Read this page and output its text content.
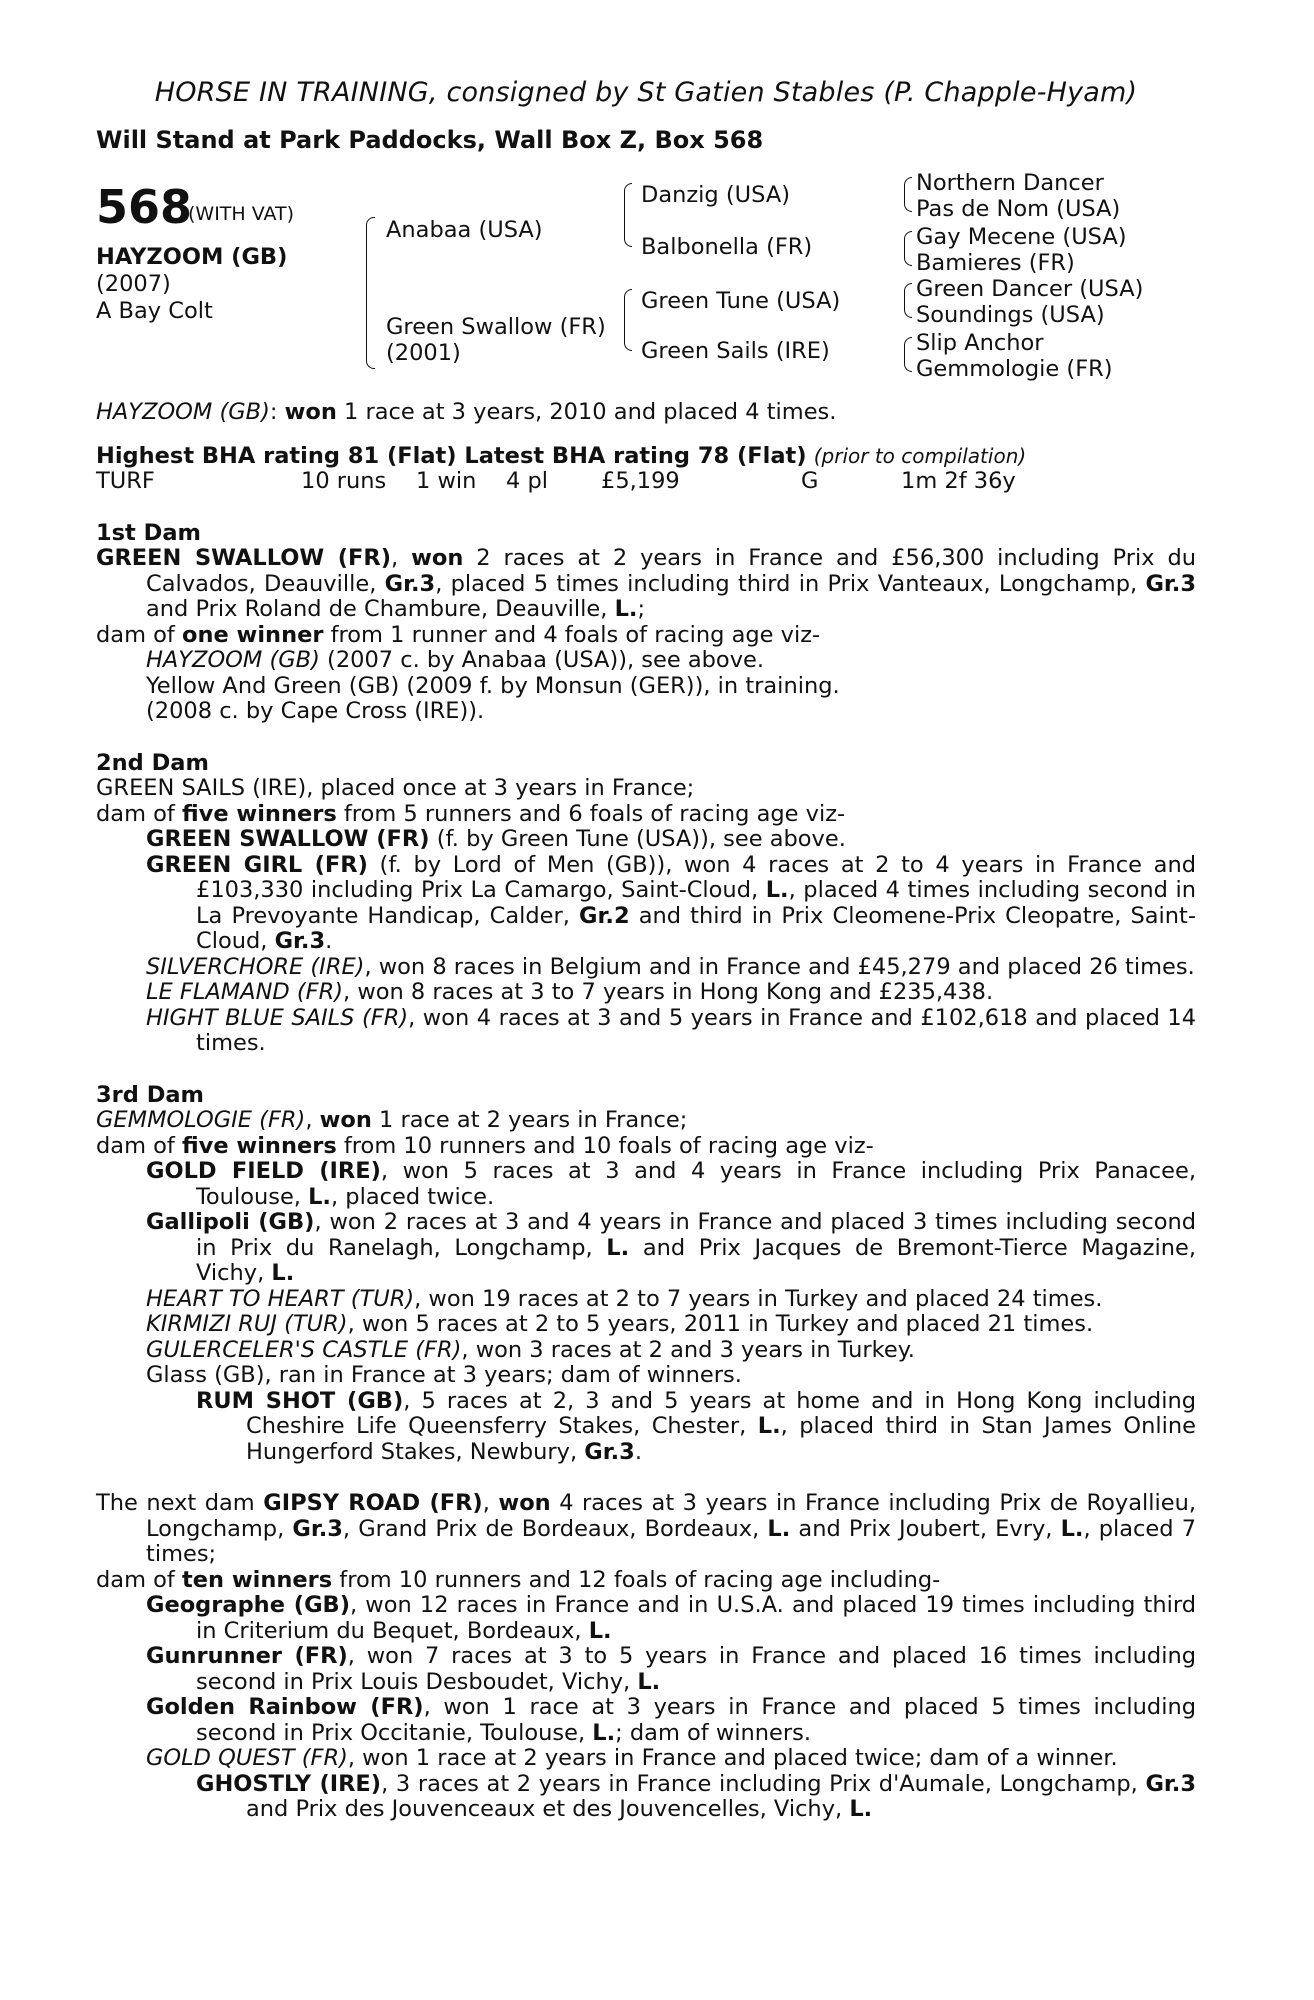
HORSE IN TRAINING, consigned by St Gatien Stables (P. Chapple-Hyam)
Will Stand at Park Paddocks, Wall Box Z, Box 568
568
(WITH VAT)
HAYZOOM (GB)
(2007)
A Bay Colt
Anabaa (USA)
Green Swallow (FR)
(2001)
Danzig (USA)
Balbonella (FR)
Green Tune (USA)
Green Sails (IRE)
Northern Dancer
Pas de Nom (USA)
Gay Mecene (USA)
Bamieres (FR)
Green Dancer (USA)
Soundings (USA)
Slip Anchor
Gemmologie (FR)

HAYZOOM (GB): won 1 race at 3 years, 2010 and placed 4 times.

Highest BHA rating 81 (Flat) Latest BHA rating 78 (Flat) (prior to compilation)

TURF	10 runs	1 win	4 pl	£5,199	G	1m 2f 36y
1st Dam

GREEN SWALLOW (FR), won 2 races at 2 years in France and £56,300 including Prix du Calvados, Deauville, Gr.3, placed 5 times including third in Prix Vanteaux, Longchamp, Gr.3 and Prix Roland de Chambure, Deauville, L.;

dam of one winner from 1 runner and 4 foals of racing age viz-

HAYZOOM (GB) (2007 c. by Anabaa (USA)), see above.

Yellow And Green (GB) (2009 f. by Monsun (GER)), in training.

(2008 c. by Cape Cross (IRE)).

2nd Dam

GREEN SAILS (IRE), placed once at 3 years in France;

dam of five winners from 5 runners and 6 foals of racing age viz-

GREEN SWALLOW (FR) (f. by Green Tune (USA)), see above.

GREEN GIRL (FR) (f. by Lord of Men (GB)), won 4 races at 2 to 4 years in France and £103,330 including Prix La Camargo, Saint-Cloud, L., placed 4 times including second in La Prevoyante Handicap, Calder, Gr.2 and third in Prix Cleomene-Prix Cleopatre, Saint-Cloud, Gr.3.

SILVERCHORE (IRE), won 8 races in Belgium and in France and £45,279 and placed 26 times.

LE FLAMAND (FR), won 8 races at 3 to 7 years in Hong Kong and £235,438.

HIGHT BLUE SAILS (FR), won 4 races at 3 and 5 years in France and £102,618 and placed 14 times.

3rd Dam

GEMMOLOGIE (FR), won 1 race at 2 years in France;

dam of five winners from 10 runners and 10 foals of racing age viz-

GOLD FIELD (IRE), won 5 races at 3 and 4 years in France including Prix Panacee, Toulouse, L., placed twice.

Gallipoli (GB), won 2 races at 3 and 4 years in France and placed 3 times including second in Prix du Ranelagh, Longchamp, L. and Prix Jacques de Bremont-Tierce Magazine, Vichy, L.

HEART TO HEART (TUR), won 19 races at 2 to 7 years in Turkey and placed 24 times.

KIRMIZI RUJ (TUR), won 5 races at 2 to 5 years, 2011 in Turkey and placed 21 times.

GULERCELER'S CASTLE (FR), won 3 races at 2 and 3 years in Turkey.

Glass (GB), ran in France at 3 years; dam of winners.

RUM SHOT (GB), 5 races at 2, 3 and 5 years at home and in Hong Kong including Cheshire Life Queensferry Stakes, Chester, L., placed third in Stan James Online Hungerford Stakes, Newbury, Gr.3.

The next dam GIPSY ROAD (FR), won 4 races at 3 years in France including Prix de Royallieu, Longchamp, Gr.3, Grand Prix de Bordeaux, Bordeaux, L. and Prix Joubert, Evry, L., placed 7 times;

dam of ten winners from 10 runners and 12 foals of racing age including-

Geographe (GB), won 12 races in France and in U.S.A. and placed 19 times including third in Criterium du Bequet, Bordeaux, L.

Gunrunner (FR), won 7 races at 3 to 5 years in France and placed 16 times including second in Prix Louis Desboudet, Vichy, L.

Golden Rainbow (FR), won 1 race at 3 years in France and placed 5 times including second in Prix Occitanie, Toulouse, L.; dam of winners.

GOLD QUEST (FR), won 1 race at 2 years in France and placed twice; dam of a winner.

GHOSTLY (IRE), 3 races at 2 years in France including Prix d'Aumale, Longchamp, Gr.3 and Prix des Jouvenceaux et des Jouvencelles, Vichy, L.
